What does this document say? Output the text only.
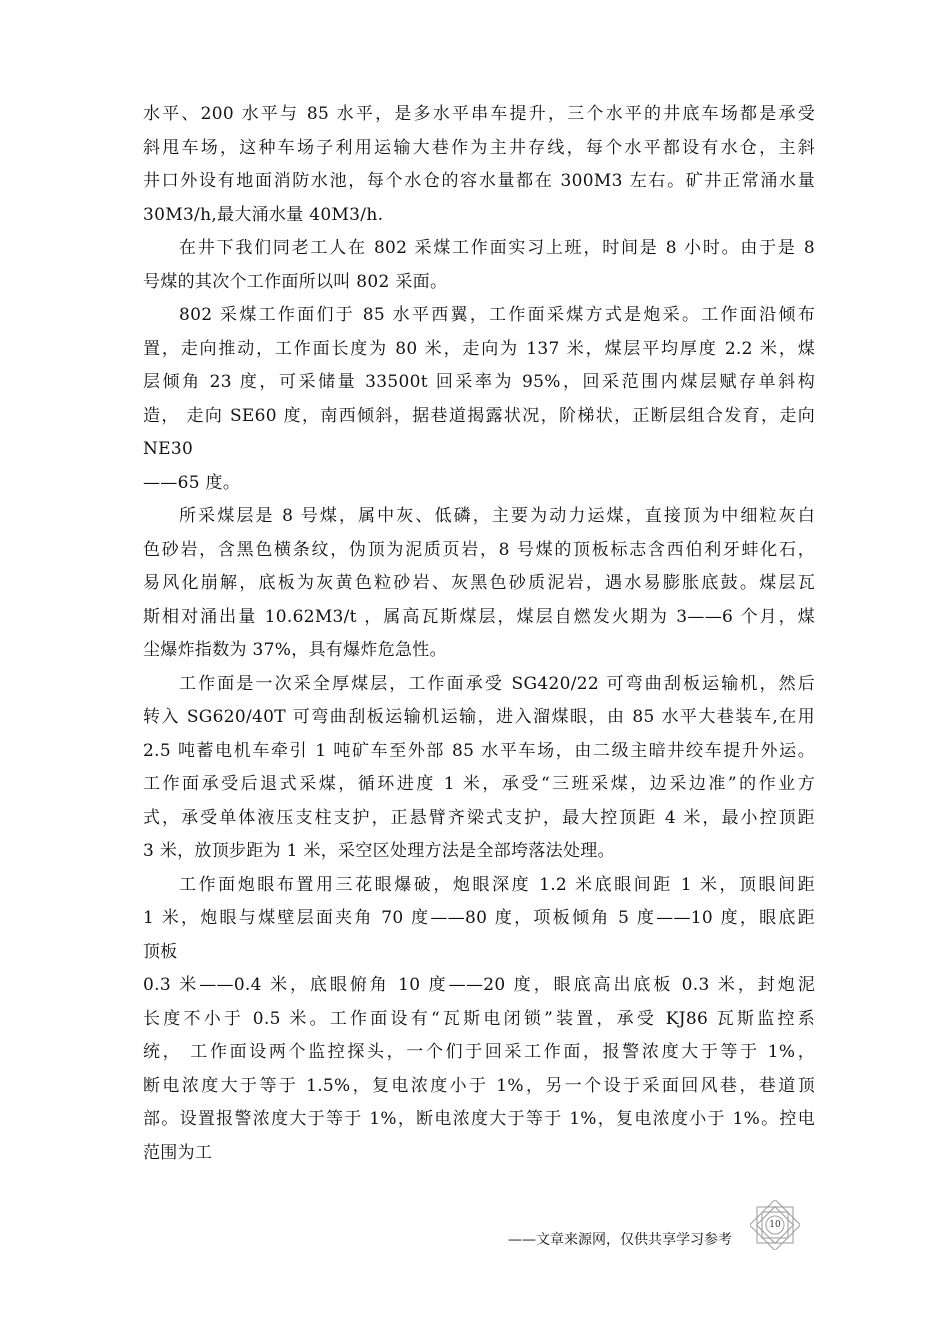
水平、200 水平与 85 水平，是多水平串车提升，三个水平的井底车场都是承受
斜甩车场，这种车场子利用运输大巷作为主井存线，每个水平都设有水仓，主斜
井口外设有地面消防水池，每个水仓的容水量都在 300M3 左右。矿井正常涌水量
30M3/h,最大涌水量 40M3/h.
在井下我们同老工人在 802 采煤工作面实习上班，时间是 8 小时。由于是 8
号煤的其次个工作面所以叫 802 采面。
802 采煤工作面们于 85 水平西翼，工作面采煤方式是炮采。工作面沿倾布
置，走向推动，工作面长度为 80 米，走向为 137 米，煤层平均厚度 2.2 米，煤
层倾角 23 度，可采储量 33500t 回采率为 95%，回采范围内煤层赋存单斜构
造， 走向 SE60 度，南西倾斜，据巷道揭露状况，阶梯状，正断层组合发育，走向
NE30
——65 度。
所采煤层是 8 号煤，属中灰、低磷，主要为动力运煤，直接顶为中细粒灰白
色砂岩，含黑色横条纹，伪顶为泥质页岩，8 号煤的顶板标志含西伯利牙蚌化石，
易风化崩解，底板为灰黄色粒砂岩、灰黑色砂质泥岩，遇水易膨胀底鼓。煤层瓦
斯相对涌出量 10.62M3/t ，属高瓦斯煤层，煤层自燃发火期为 3——6 个月，煤
尘爆炸指数为 37%，具有爆炸危急性。
工作面是一次采全厚煤层，工作面承受 SG420/22 可弯曲刮板运输机，然后
转入 SG620/40T 可弯曲刮板运输机运输，进入溜煤眼，由 85 水平大巷装车,在用
2.5 吨蓄电机车牵引 1 吨矿车至外部 85 水平车场，由二级主暗井绞车提升外运。
工作面承受后退式采煤，循环进度 1 米，承受“三班采煤，边采边准”的作业方
式，承受单体液压支柱支护，正悬臂齐梁式支护，最大控顶距 4 米，最小控顶距
3 米，放顶步距为 1 米，采空区处理方法是全部垮落法处理。
工作面炮眼布置用三花眼爆破，炮眼深度 1.2 米底眼间距 1 米，顶眼间距
1 米，炮眼与煤壁层面夹角 70 度——80 度，项板倾角 5 度——10 度，眼底距
顶板
0.3 米——0.4 米，底眼俯角 10 度——20 度，眼底高出底板 0.3 米，封炮泥
长度不小于 0.5 米。工作面设有“瓦斯电闭锁”装置，承受 KJ86 瓦斯监控系
统， 工作面设两个监控探头，一个们于回采工作面，报警浓度大于等于 1%，
断电浓度大于等于 1.5%，复电浓度小于 1%，另一个设于采面回风巷，巷道顶
部。设置报警浓度大于等于 1%，断电浓度大于等于 1%，复电浓度小于 1%。控电
范围为工
——文章来源网，仅供共享学习参考
10
